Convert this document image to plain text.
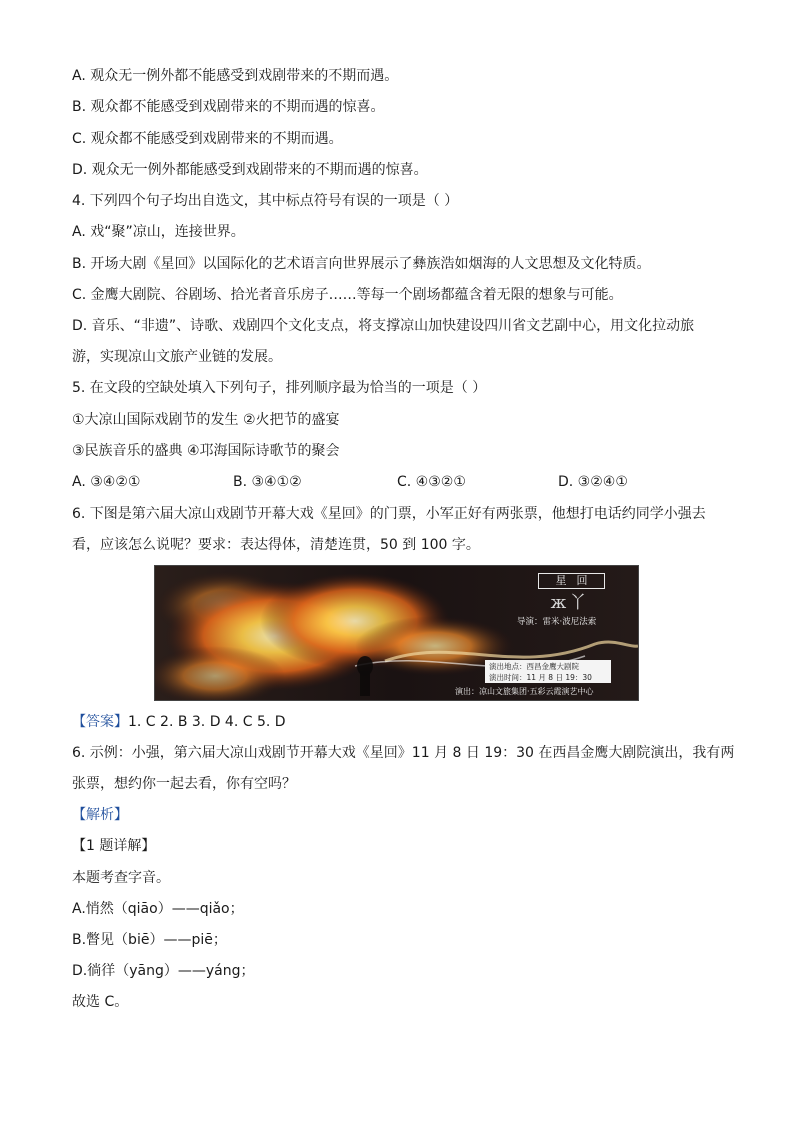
A. 观众无一例外都不能感受到戏剧带来的不期而遇。
B. 观众都不能感受到戏剧带来的不期而遇的惊喜。
C. 观众都不能感受到戏剧带来的不期而遇。
D. 观众无一例外都能感受到戏剧带来的不期而遇的惊喜。
4. 下列四个句子均出自选文，其中标点符号有误的一项是（ ）
A. 戏“聚”凉山，连接世界。
B. 开场大剧《星回》以国际化的艺术语言向世界展示了彝族浩如烟海的人文思想及文化特质。
C. 金鹰大剧院、谷剧场、拾光者音乐房子……等每一个剧场都蕴含着无限的想象与可能。
D. 音乐、“非遗”、诗歌、戏剧四个文化支点，将支撑凉山加快建设四川省文艺副中心，用文化拉动旅
游，实现凉山文旅产业链的发展。
5. 在文段的空缺处填入下列句子，排列顺序最为恰当的一项是（ ）
①大凉山国际戏剧节的发生 ②火把节的盛宴
③民族音乐的盛典 ④邛海国际诗歌节的聚会
A. ③④②①	B. ③④①②	C. ④③②①	D. ③②④①
6. 下图是第六届大凉山戏剧节开幕大戏《星回》的门票，小军正好有两张票，他想打电话约同学小强去
看，应该怎么说呢？要求：表达得体，清楚连贯，50 到 100 字。
星回
ж丫
导演：雷米·波尼法索
演出地点：西昌金鹰大剧院
演出时间：11 月 8 日 19：30
演出：凉山文旅集团·五彩云霞演艺中心
【答案】1. C 2. B 3. D 4. C 5. D
6. 示例：小强，第六届大凉山戏剧节开幕大戏《星回》11 月 8 日 19：30 在西昌金鹰大剧院演出，我有两
张票，想约你一起去看，你有空吗？
【解析】
【1 题详解】
本题考查字音。
A.悄然（qiāo）——qiǎo；
B.瞥见（biē）——piē；
D.徜徉（yāng）——yáng；
故选 C。
